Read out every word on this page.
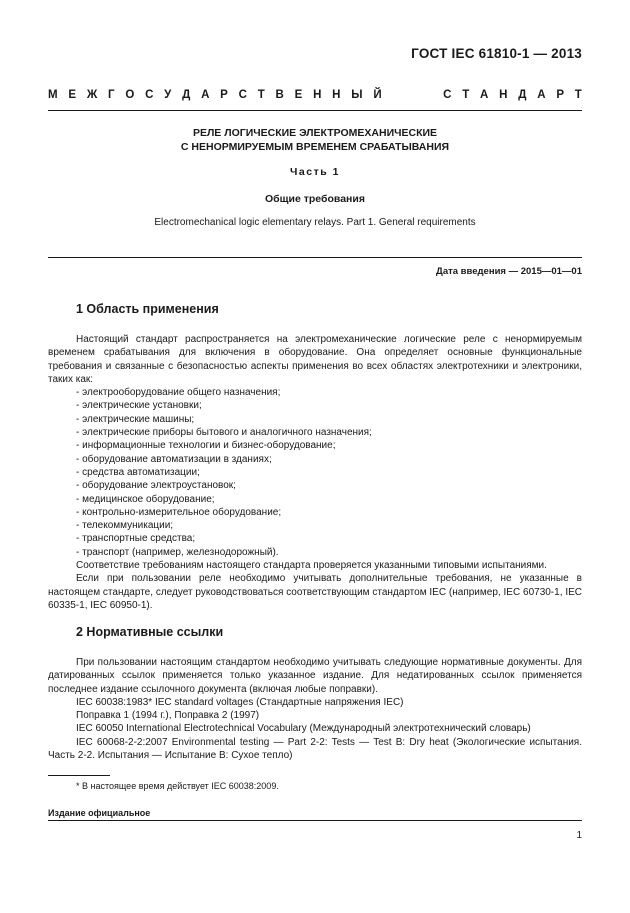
ГОСТ IEC 61810-1 — 2013
М Е Ж Г О С У Д А Р С Т В Е Н Н Ы Й	С Т А Н Д А Р Т
РЕЛЕ ЛОГИЧЕСКИЕ ЭЛЕКТРОМЕХАНИЧЕСКИЕ
С НЕНОРМИРУЕМЫМ ВРЕМЕНЕМ СРАБАТЫВАНИЯ
Часть 1
Общие требования
Electromechanical logic elementary relays. Part 1. General requirements
Дата введения — 2015—01—01
1 Область применения

Настоящий стандарт распространяется на электромеханические логические реле с ненормируемым временем срабатывания для включения в оборудование. Она определяет основные функциональные требования и связанные с безопасностью аспекты применения во всех областях электротехники и электроники, таких как:

- электрооборудование общего назначения;
- электрические установки;
- электрические машины;
- электрические приборы бытового и аналогичного назначения;
- информационные технологии и бизнес-оборудование;
- оборудование автоматизации в зданиях;
- средства автоматизации;
- оборудование электроустановок;
- медицинское оборудование;
- контрольно-измерительное оборудование;
- телекоммуникации;
- транспортные средства;
- транспорт (например, железнодорожный).

Соответствие требованиям настоящего стандарта проверяется указанными типовыми испытаниями.

Если при пользовании реле необходимо учитывать дополнительные требования, не указанные в настоящем стандарте, следует руководствоваться соответствующим стандартом IEC (например, IEC 60730-1, IEC 60335-1, IEC 60950-1).

2 Нормативные ссылки

При пользовании настоящим стандартом необходимо учитывать следующие нормативные документы. Для датированных ссылок применяется только указанное издание. Для недатированных ссылок применяется последнее издание ссылочного документа (включая любые поправки).

IEC 60038:1983* IEC standard voltages (Стандартные напряжения IEC)

Поправка 1 (1994 г.), Поправка 2 (1997)

IEC 60050 International Electrotechnical Vocabulary (Международный электротехнический словарь)

IEC 60068-2-2:2007 Environmental testing — Part 2-2: Tests — Test B: Dry heat (Экологические испытания. Часть 2-2. Испытания — Испытание B: Сухое тепло)

* В настоящее время действует IEC 60038:2009.
Издание официальное
1
